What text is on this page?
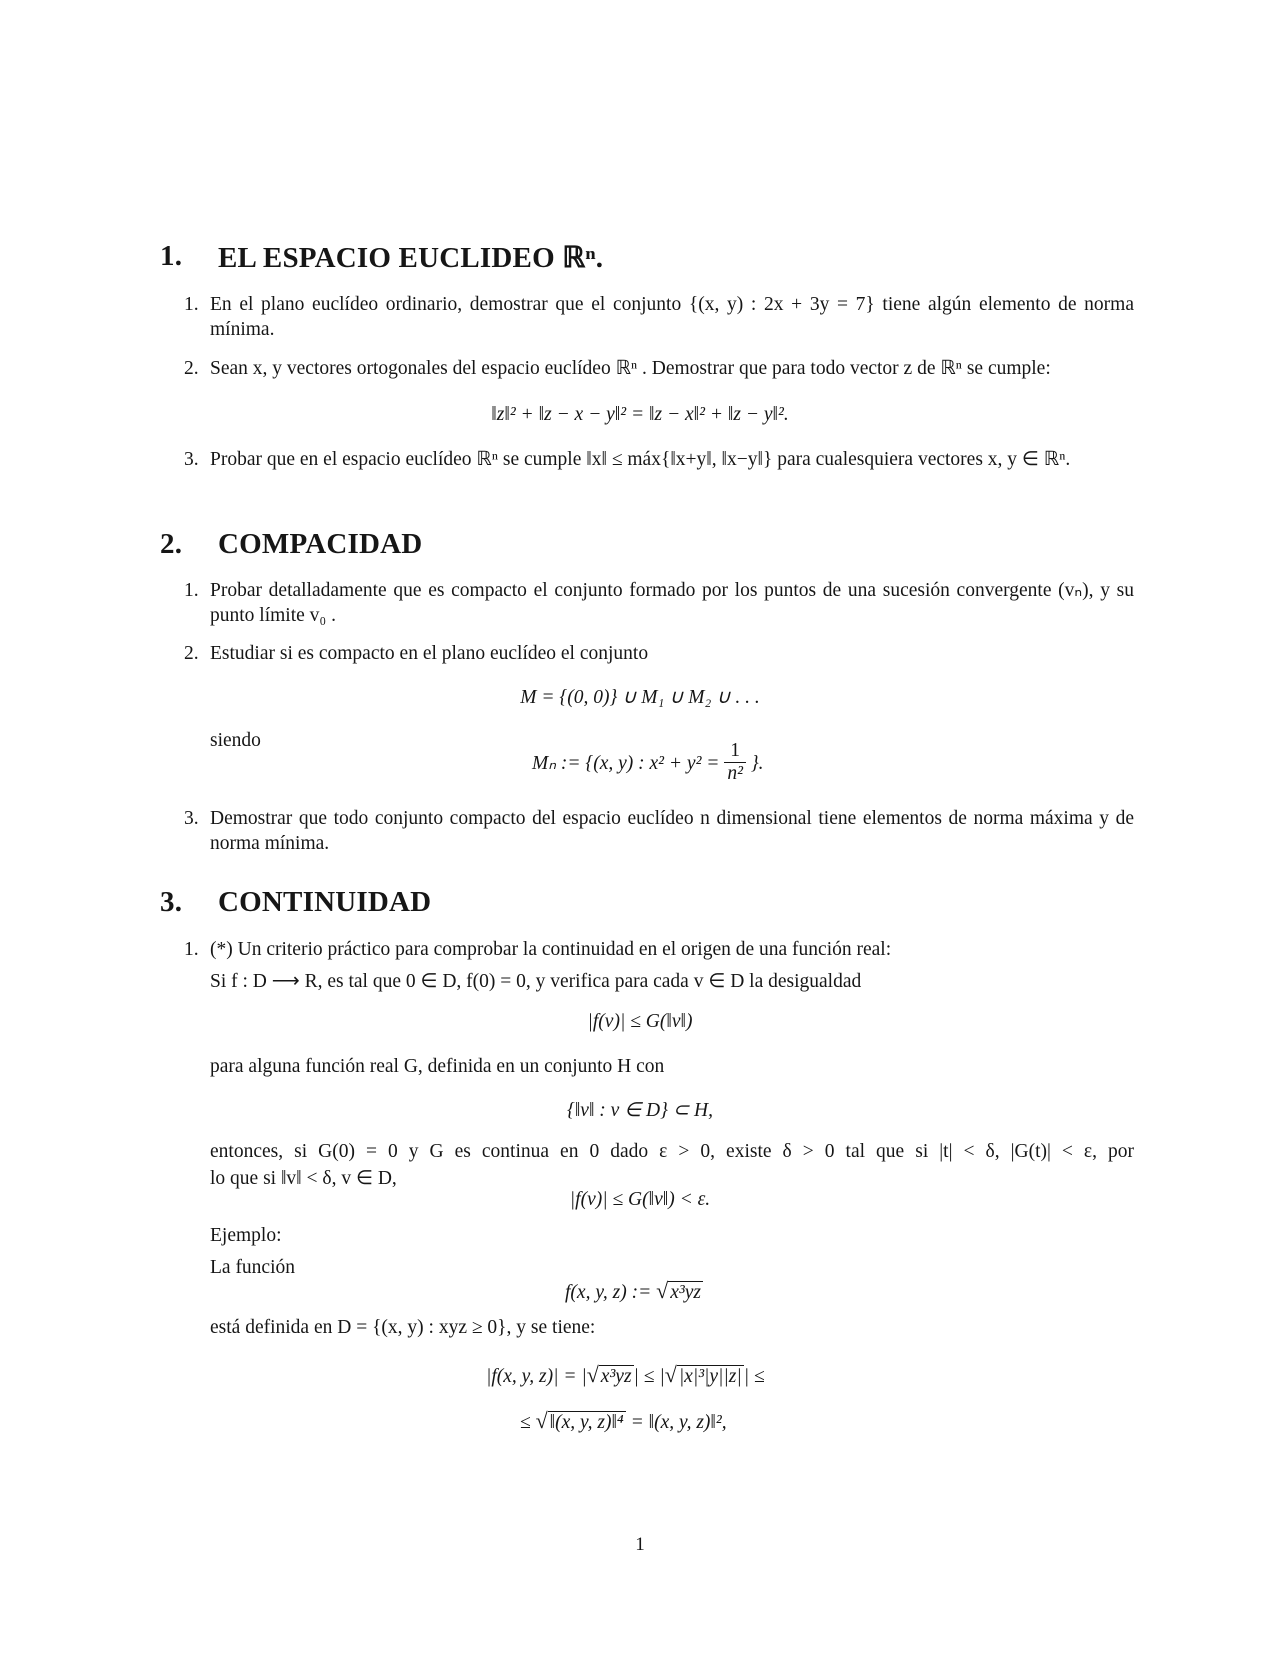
1. EL ESPACIO EUCLIDEO ℝⁿ.
1. En el plano euclídeo ordinario, demostrar que el conjunto {(x, y) : 2x + 3y = 7} tiene algún elemento de norma mínima.
2. Sean x, y vectores ortogonales del espacio euclídeo ℝⁿ . Demostrar que para todo vector z de ℝⁿ se cumple:
‖z‖² + ‖z − x − y‖² = ‖z − x‖² + ‖z − y‖².
3. Probar que en el espacio euclídeo ℝⁿ se cumple ‖x‖ ≤ máx{‖x+y‖, ‖x−y‖} para cualesquiera vectores x, y ∈ ℝⁿ.
2. COMPACIDAD
1. Probar detalladamente que es compacto el conjunto formado por los puntos de una sucesión convergente (vₙ), y su punto límite v₀ .
2. Estudiar si es compacto en el plano euclídeo el conjunto
M = {(0, 0)} ∪ M₁ ∪ M₂ ∪ . . .
siendo
Mₙ := {(x, y) : $x^2 + y^2 = \frac{1}{\text{n²}}$ }.
3. Demostrar que todo conjunto compacto del espacio euclídeo n dimensional tiene elementos de norma máxima y de norma mínima.
3. CONTINUIDAD
1. (*) Un criterio práctico para comprobar la continuidad en el origen de una función real:
Si f : D ⟶ R, es tal que 0 ∈ D, f(0) = 0, y verifica para cada v ∈ D la desigualdad
|f(v)| ≤ G(‖v‖)
para alguna función real G, definida en un conjunto H con
{‖v‖ : v ∈ D} ⊂ H,
entonces, si G(0) = 0 y G es continua en 0 dado ε > 0, existe δ > 0 tal que si |t| < δ, |G(t)| < ε, por
lo que si ‖v‖ < δ, v ∈ D,
|f(v)| ≤ G(‖v‖) < ε.
Ejemplo:
La función
f(x, y, z) := √ x³yz
está definida en D = {(x, y) : xyz ≥ 0}, y se tiene:
|f(x, y, z)| = |√ x³yz | ≤ |√ |x|³|y||z| | ≤
≤ √ ‖(x, y, z)‖⁴ = ‖(x, y, z)‖²,
1
